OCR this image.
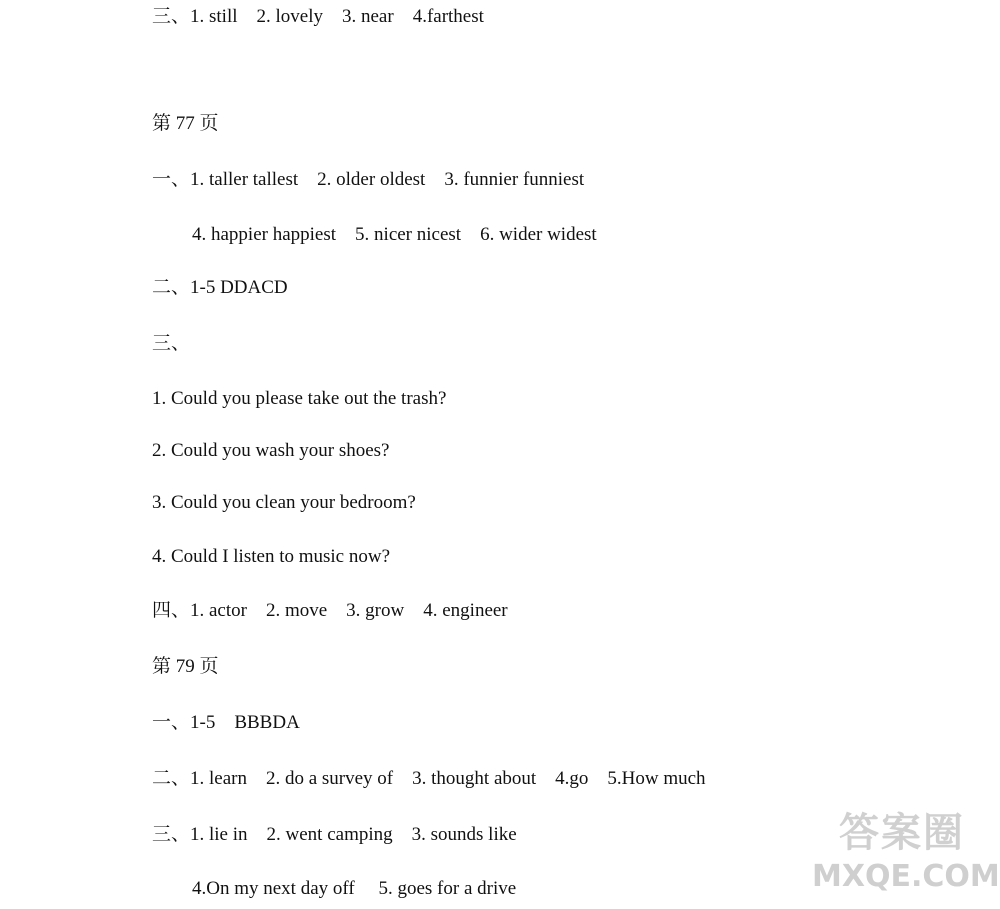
三、1. still    2. lovely    3. near    4.farthest
第 77 页
一、1. taller tallest    2. older oldest    3. funnier funniest
4. happier happiest    5. nicer nicest    6. wider widest
二、1-5 DDACD
三、
1. Could you please take out the trash?
2. Could you wash your shoes?
3. Could you clean your bedroom?
4. Could I listen to music now?
四、1. actor    2. move    3. grow    4. engineer
第 79 页
一、1-5    BBBDA
二、1. learn    2. do a survey of    3. thought about    4.go    5.How much
三、1. lie in    2. went camping    3. sounds like
4.On my next day off     5. goes for a drive
答案圈
MXQE.COM
